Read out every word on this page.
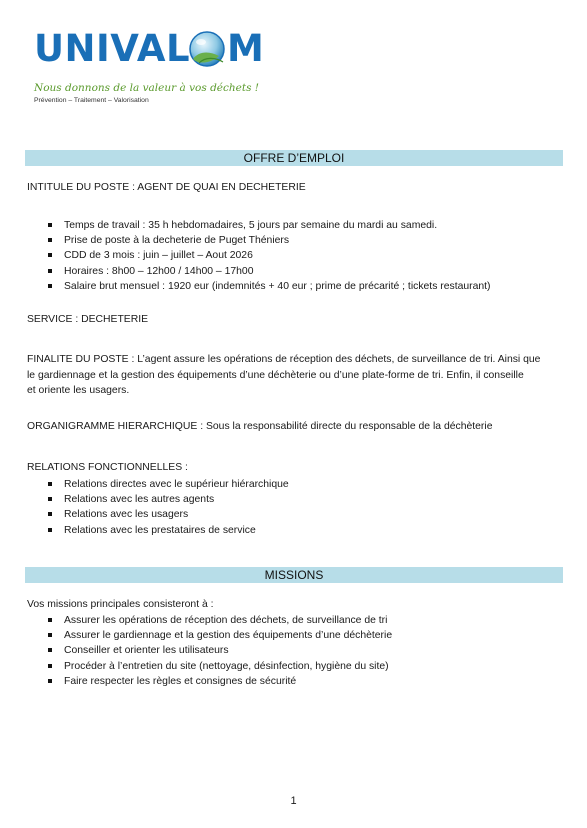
UNIVAL M
Nous donnons de la valeur à vos déchets !
Prévention – Traitement – Valorisation
OFFRE D’EMPLOI
INTITULE DU POSTE : AGENT DE QUAI EN DECHETERIE
Temps de travail : 35 h hebdomadaires, 5 jours par semaine du mardi au samedi.
Prise de poste à la decheterie de Puget Théniers
CDD de 3 mois : juin – juillet – Aout 2026
Horaires : 8h00 – 12h00 / 14h00 – 17h00
Salaire brut mensuel : 1920 eur (indemnités + 40 eur ; prime de précarité ; tickets restaurant)
SERVICE : DECHETERIE
FINALITE DU POSTE : L’agent assure les opérations de réception des déchets, de surveillance de tri. Ainsi que
le gardiennage et la gestion des équipements d’une déchèterie ou d’une plate-forme de tri. Enfin, il conseille
et oriente les usagers.
ORGANIGRAMME HIERARCHIQUE : Sous la responsabilité directe du responsable de la déchèterie
RELATIONS FONCTIONNELLES :
Relations directes avec le supérieur hiérarchique
Relations avec les autres agents
Relations avec les usagers
Relations avec les prestataires de service
MISSIONS
Vos missions principales consisteront à :
Assurer les opérations de réception des déchets, de surveillance de tri
Assurer le gardiennage et la gestion des équipements d’une déchèterie
Conseiller et orienter les utilisateurs
Procéder à l’entretien du site (nettoyage, désinfection, hygiène du site)
Faire respecter les règles et consignes de sécurité
1
